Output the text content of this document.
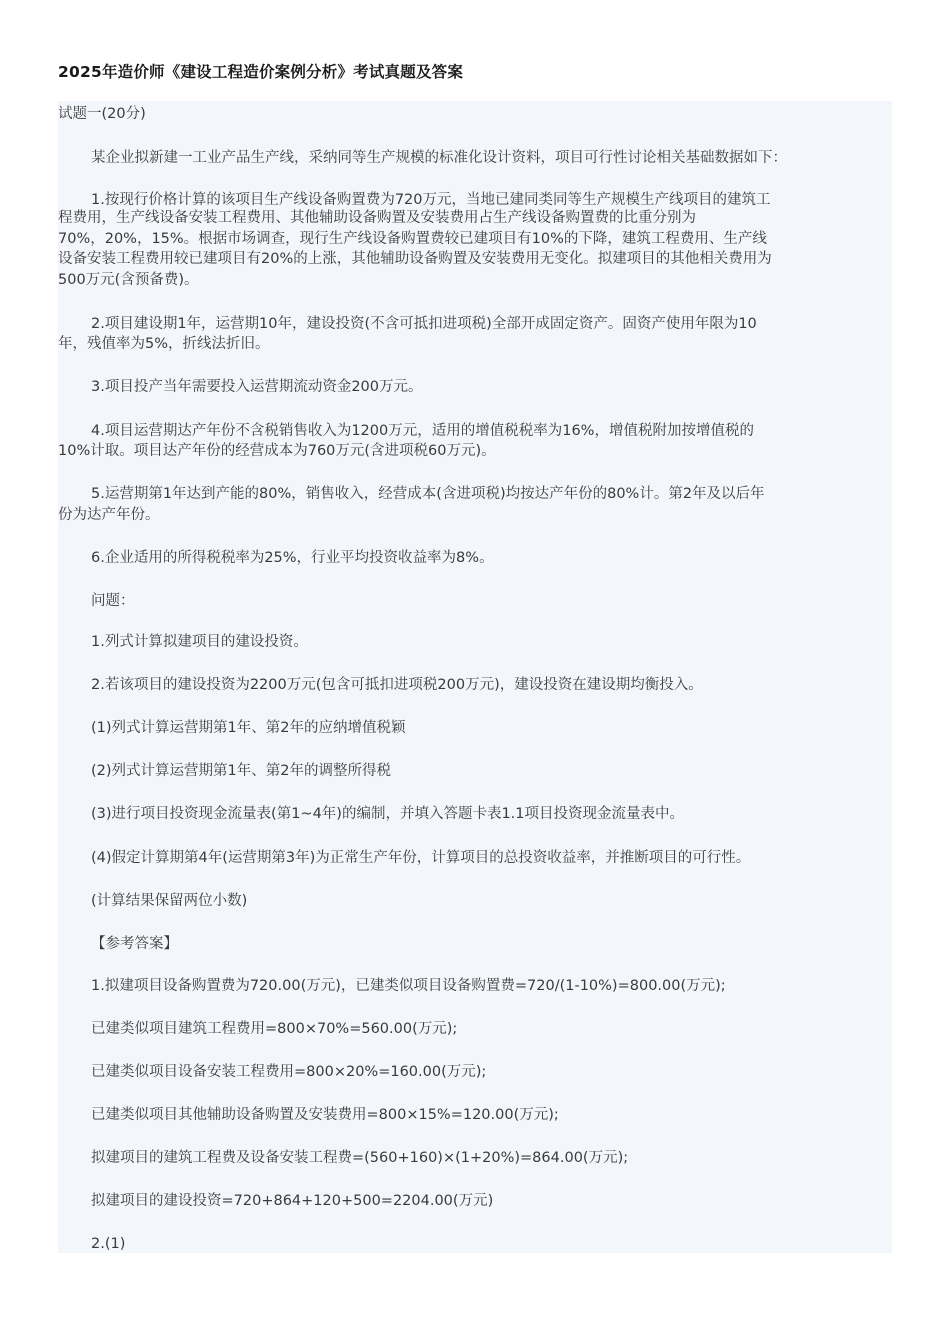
2025年造价师《建设工程造价案例分析》考试真题及答案
试题一(20分)
某企业拟新建一工业产品生产线，采纳同等生产规模的标准化设计资料，项目可行性讨论相关基础数据如下：
1.按现行价格计算的该项目生产线设备购置费为720万元，当地已建同类同等生产规模生产线项目的建筑工
程费用，生产线设备安装工程费用、其他辅助设备购置及安装费用占生产线设备购置费的比重分别为
70%，20%，15%。根据市场调查，现行生产线设备购置费较已建项目有10%的下降，建筑工程费用、生产线
设备安装工程费用较已建项目有20%的上涨，其他辅助设备购置及安装费用无变化。拟建项目的其他相关费用为
500万元(含预备费)。
2.项目建设期1年，运营期10年，建设投资(不含可抵扣进项税)全部开成固定资产。固资产使用年限为10
年，残值率为5%，折线法折旧。
3.项目投产当年需要投入运营期流动资金200万元。
4.项目运营期达产年份不含税销售收入为1200万元，适用的增值税税率为16%，增值税附加按增值税的
10%计取。项目达产年份的经营成本为760万元(含进项税60万元)。
5.运营期第1年达到产能的80%，销售收入，经营成本(含进项税)均按达产年份的80%计。第2年及以后年
份为达产年份。
6.企业适用的所得税税率为25%，行业平均投资收益率为8%。
问题：
1.列式计算拟建项目的建设投资。
2.若该项目的建设投资为2200万元(包含可抵扣进项税200万元)，建设投资在建设期均衡投入。
(1)列式计算运营期第1年、第2年的应纳增值税颖
(2)列式计算运营期第1年、第2年的调整所得税
(3)进行项目投资现金流量表(第1~4年)的编制，并填入答题卡表1.1项目投资现金流量表中。
(4)假定计算期第4年(运营期第3年)为正常生产年份，计算项目的总投资收益率，并推断项目的可行性。
(计算结果保留两位小数)
【参考答案】
1.拟建项目设备购置费为720.00(万元)，已建类似项目设备购置费=720/(1-10%)=800.00(万元);
已建类似项目建筑工程费用=800×70%=560.00(万元);
已建类似项目设备安装工程费用=800×20%=160.00(万元);
已建类似项目其他辅助设备购置及安装费用=800×15%=120.00(万元);
拟建项目的建筑工程费及设备安装工程费=(560+160)×(1+20%)=864.00(万元);
拟建项目的建设投资=720+864+120+500=2204.00(万元)
2.(1)
